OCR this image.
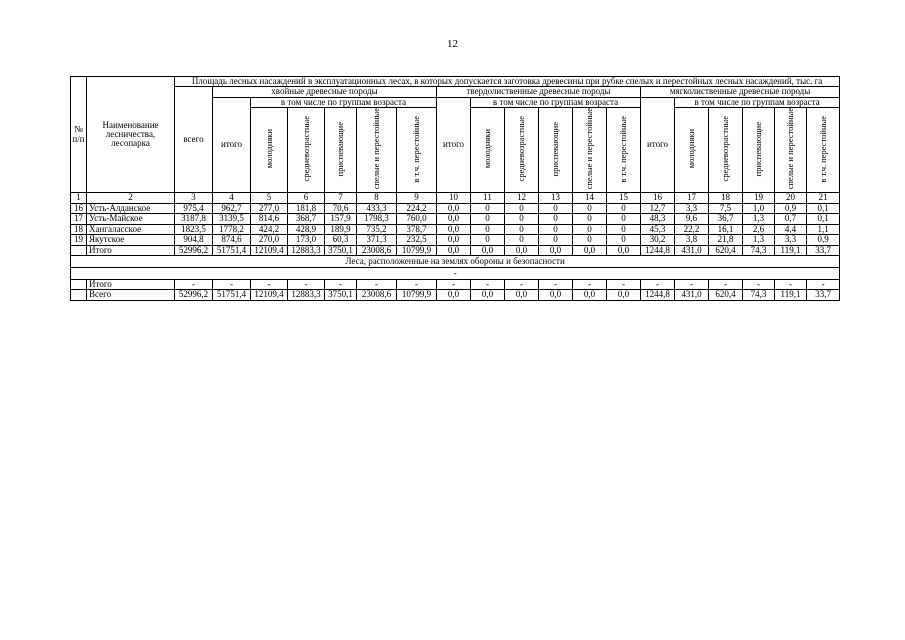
12
№ п/п	Наименование лесничества, лесопарка	Площадь лесных насаждений в эксплуатационных лесах, в которых допускается заготовка древесины при рубке спелых и перестойных лесных насаждений, тыс. га																		
		всего	хвойные древесные породы						твердолиственные древесные породы						мягколиственные древесные породы					
			итого	в том числе по группам возраста					итого	в том числе по группам возраста					итого	в том числе по группам возраста				
				молодняки	средневозрастные	приспевающие	спелые и перестойные	в т.ч. перестойные		молодняки	средневозрастные	приспевающие	спелые и перестойные	в т.ч. перестойные		молодняки	средневозрастные	приспевающие	спелые и перестойные	в т.ч. перестойные
1	2	3	4	5	6	7	8	9	10	11	12	13	14	15	16	17	18	19	20	21
16	Усть-Алданское	975,4	962,7	277,0	181,8	70,6	433,3	224,2	0,0	0	0	0	0	0	12,7	3,3	7,5	1,0	0,9	0,1
17	Усть-Майское	3187,8	3139,5	814,6	368,7	157,9	1798,3	760,0	0,0	0	0	0	0	0	48,3	9,6	36,7	1,3	0,7	0,1
18	Хангаласское	1823,5	1778,2	424,2	428,9	189,9	735,2	378,7	0,0	0	0	0	0	0	45,3	22,2	16,1	2,6	4,4	1,1
19	Якутское	904,8	874,6	270,0	173,0	60,3	371,3	232,5	0,0	0	0	0	0	0	30,2	3,8	21,8	1,3	3,3	0,9
	Итого	52996,2	51751,4	12109,4	12883,3	3750,1	23008,6	10799,9	0,0	0,0	0,0	0,0	0,0	0,0	1244,8	431,0	620,4	74,3	119,1	33,7
Леса, расположенные на землях обороны и безопасности																				
-																				
	Итого	-	-	-	-	-	-	-	-	-	-	-	-	-	-	-	-	-	-	-
	Всего	52996,2	51751,4	12109,4	12883,3	3750,1	23008,6	10799,9	0,0	0,0	0,0	0,0	0,0	0,0	1244,8	431,0	620,4	74,3	119,1	33,7
